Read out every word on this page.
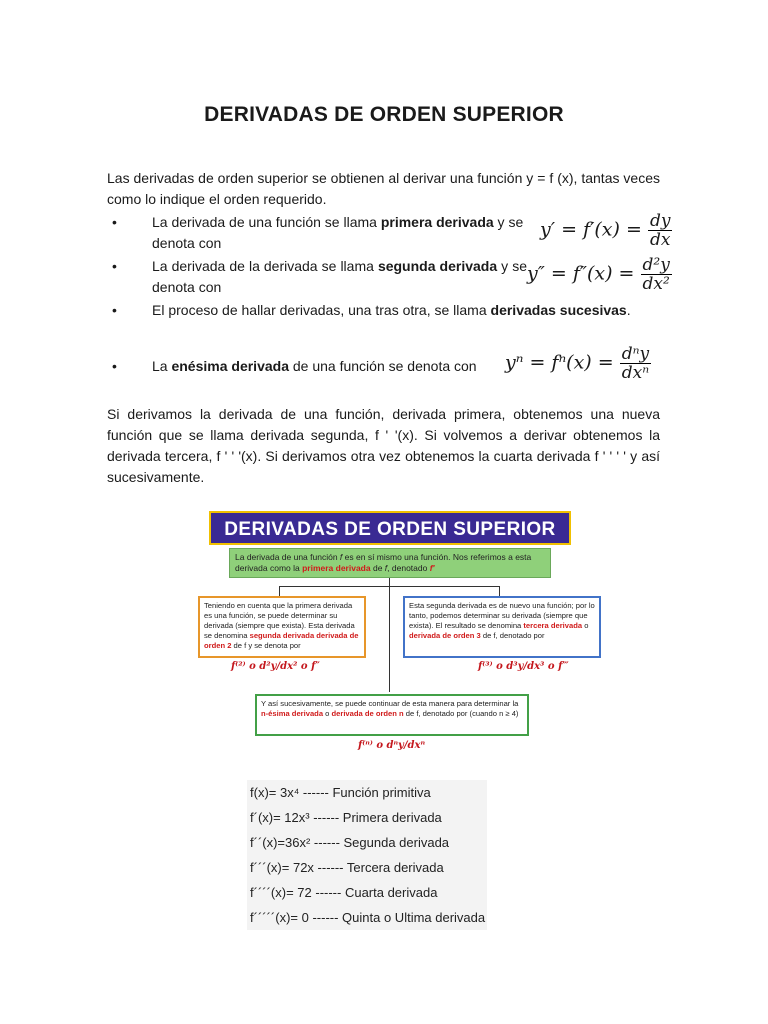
DERIVADAS DE ORDEN SUPERIOR
Las derivadas de orden superior se obtienen al derivar una función y = f (x), tantas veces como lo indique el orden requerido.
•	La derivada de una función se llama primera derivada y se denota con
$y' = f'(x) = \frac{dy}{dx}$
•	La derivada de la derivada se llama segunda derivada y se denota con
$y'' = f''(x) = \frac{\text{d²y}}{\text{dx²}}$
•	El proceso de hallar derivadas, una tras otra, se llama derivadas sucesivas.
•	La enésima derivada de una función se denota con	$y^n = f^n(x) = \frac{\text{dⁿy}}{\text{dxⁿ}}$
Si derivamos la derivada de una función, derivada primera, obtenemos una nueva función que se llama derivada segunda, f ' '(x). Si volvemos a derivar obtenemos la derivada tercera, f ' ' '(x). Si derivamos otra vez obtenemos la cuarta derivada f ' ' ' ' y así sucesivamente.
DERIVADAS DE ORDEN SUPERIOR
La derivada de una función f es en sí mismo una función. Nos referimos a esta derivada como la primera derivada de f, denotado f′
Teniendo en cuenta que la primera derivada es una función, se puede determinar su derivada (siempre que exista). Esta derivada se denomina segunda derivada derivada de orden 2 de f y se denota por
f⁽²⁾ o d²y/dx² o f″
Esta segunda derivada es de nuevo una función; por lo tanto, podemos determinar su derivada (siempre que exista). El resultado se denomina tercera derivada o derivada de orden 3 de f, denotado por
f⁽³⁾ o d³y/dx³ o f‴
Y así sucesivamente, se puede continuar de esta manera para determinar la n-ésima derivada o derivada de orden n de f, denotado por (cuando n ≥ 4)
f⁽ⁿ⁾ o dⁿy/dxⁿ
f(x)= 3x⁴ ------ Función primitiva
f´(x)= 12x³ ------ Primera derivada
f´´(x)=36x² ------ Segunda derivada
f´´´(x)= 72x ------ Tercera derivada
f´´´´(x)= 72 ------ Cuarta derivada
f´´´´´(x)= 0 ------ Quinta o Ultima derivada
